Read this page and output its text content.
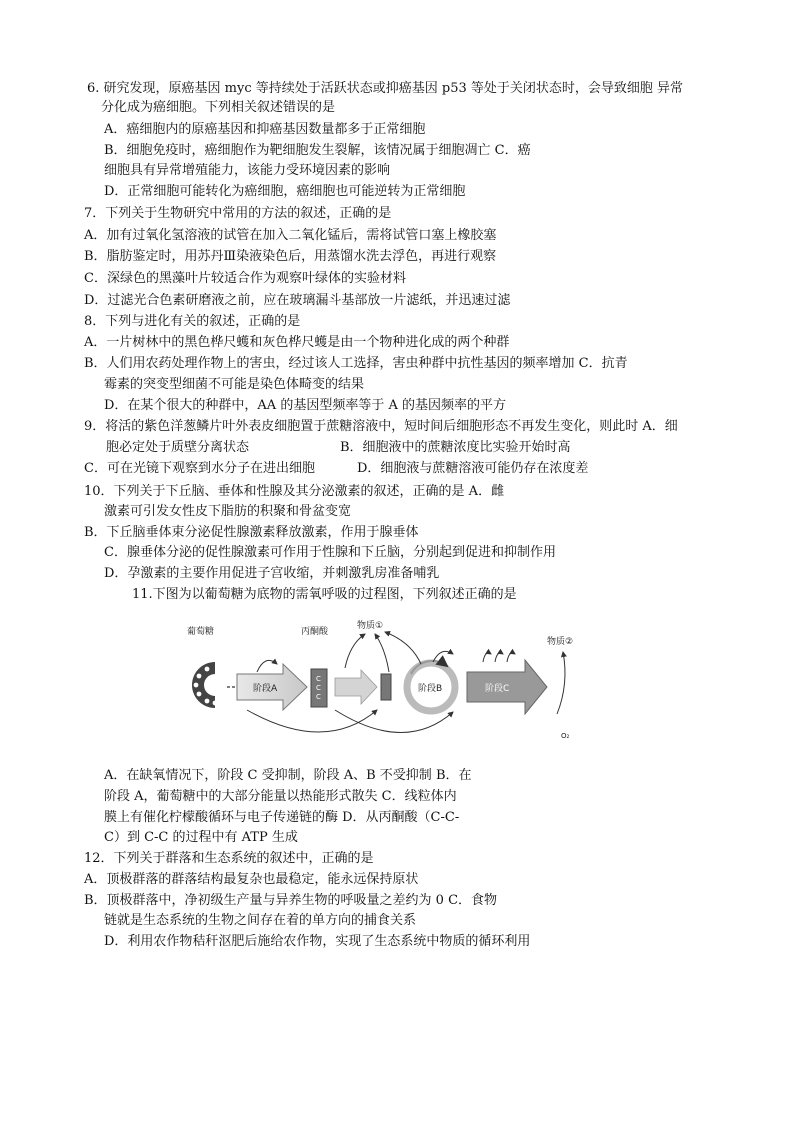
6. 研究发现，原癌基因 myc 等持续处于活跃状态或抑癌基因 p53 等处于关闭状态时，会导致细胞 异常
分化成为癌细胞。下列相关叙述错误的是
A．癌细胞内的原癌基因和抑癌基因数量都多于正常细胞
B．细胞免疫时，癌细胞作为靶细胞发生裂解，该情况属于细胞凋亡 C．癌
细胞具有异常增殖能力，该能力受环境因素的影响
D．正常细胞可能转化为癌细胞，癌细胞也可能逆转为正常细胞
7．下列关于生物研究中常用的方法的叙述，正确的是
A．加有过氧化氢溶液的试管在加入二氧化锰后，需将试管口塞上橡胶塞
B．脂肪鉴定时，用苏丹Ⅲ染液染色后，用蒸馏水洗去浮色，再进行观察
C．深绿色的黑藻叶片较适合作为观察叶绿体的实验材料
D．过滤光合色素研磨液之前，应在玻璃漏斗基部放一片滤纸，并迅速过滤
8．下列与进化有关的叙述，正确的是
A．一片树林中的黑色桦尺蠖和灰色桦尺蠖是由一个物种进化成的两个种群
B．人们用农药处理作物上的害虫，经过该人工选择，害虫种群中抗性基因的频率增加 C．抗青
霉素的突变型细菌不可能是染色体畸变的结果
D．在某个很大的种群中，AA 的基因型频率等于 A 的基因频率的平方
9．将活的紫色洋葱鳞片叶外表皮细胞置于蔗糖溶液中，短时间后细胞形态不再发生变化，则此时 A．细
胞必定处于质壁分离状态	B．细胞液中的蔗糖浓度比实验开始时高
C．可在光镜下观察到水分子在进出细胞	D．细胞液与蔗糖溶液可能仍存在浓度差
10．下列关于下丘脑、垂体和性腺及其分泌激素的叙述，正确的是 A．雌
激素可引发女性皮下脂肪的积聚和骨盆变宽
B．下丘脑垂体束分泌促性腺激素释放激素，作用于腺垂体
C．腺垂体分泌的促性腺激素可作用于性腺和下丘脑，分别起到促进和抑制作用
D．孕激素的主要作用促进子宫收缩，并刺激乳房准备哺乳
11.下图为以葡萄糖为底物的需氧呼吸的过程图，下列叙述正确的是
葡萄糖
阶段A
丙酮酸
C
C
C
阶段B	阶段C
物质①
物质②
O₂
A．在缺氧情况下，阶段 C 受抑制，阶段 A、B 不受抑制 B．在
阶段 A，葡萄糖中的大部分能量以热能形式散失 C．线粒体内
膜上有催化柠檬酸循环与电子传递链的酶 D．从丙酮酸（C-C-
C）到 C-C 的过程中有 ATP 生成
12．下列关于群落和生态系统的叙述中，正确的是
A．顶极群落的群落结构最复杂也最稳定，能永远保持原状
B．顶极群落中，净初级生产量与异养生物的呼吸量之差约为 0 C．食物
链就是生态系统的生物之间存在着的单方向的捕食关系
D．利用农作物秸秆沤肥后施给农作物，实现了生态系统中物质的循环利用
